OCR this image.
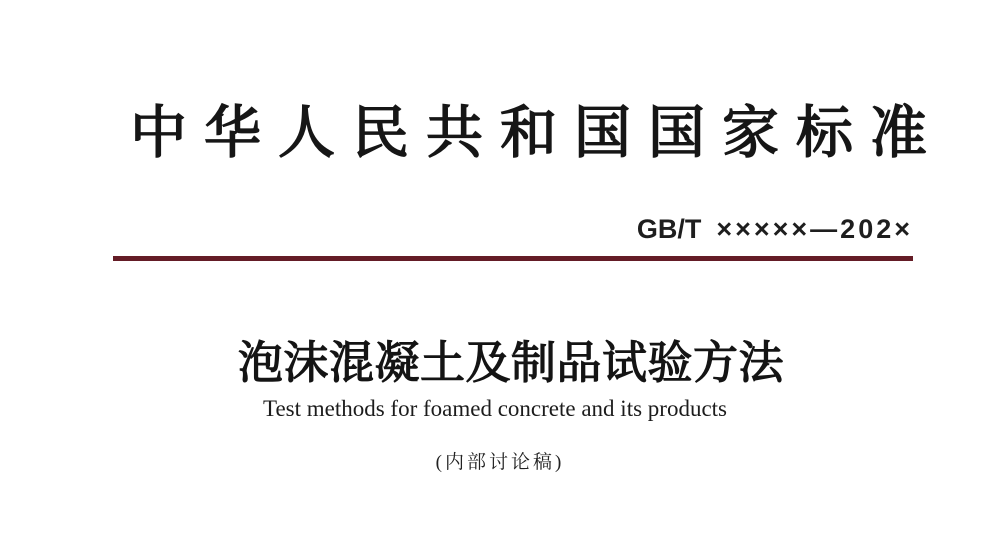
中华人民共和国国家标准
GB/T ×××××—202×
泡沫混凝土及制品试验方法
Test methods for foamed concrete and its products
(内部讨论稿)
